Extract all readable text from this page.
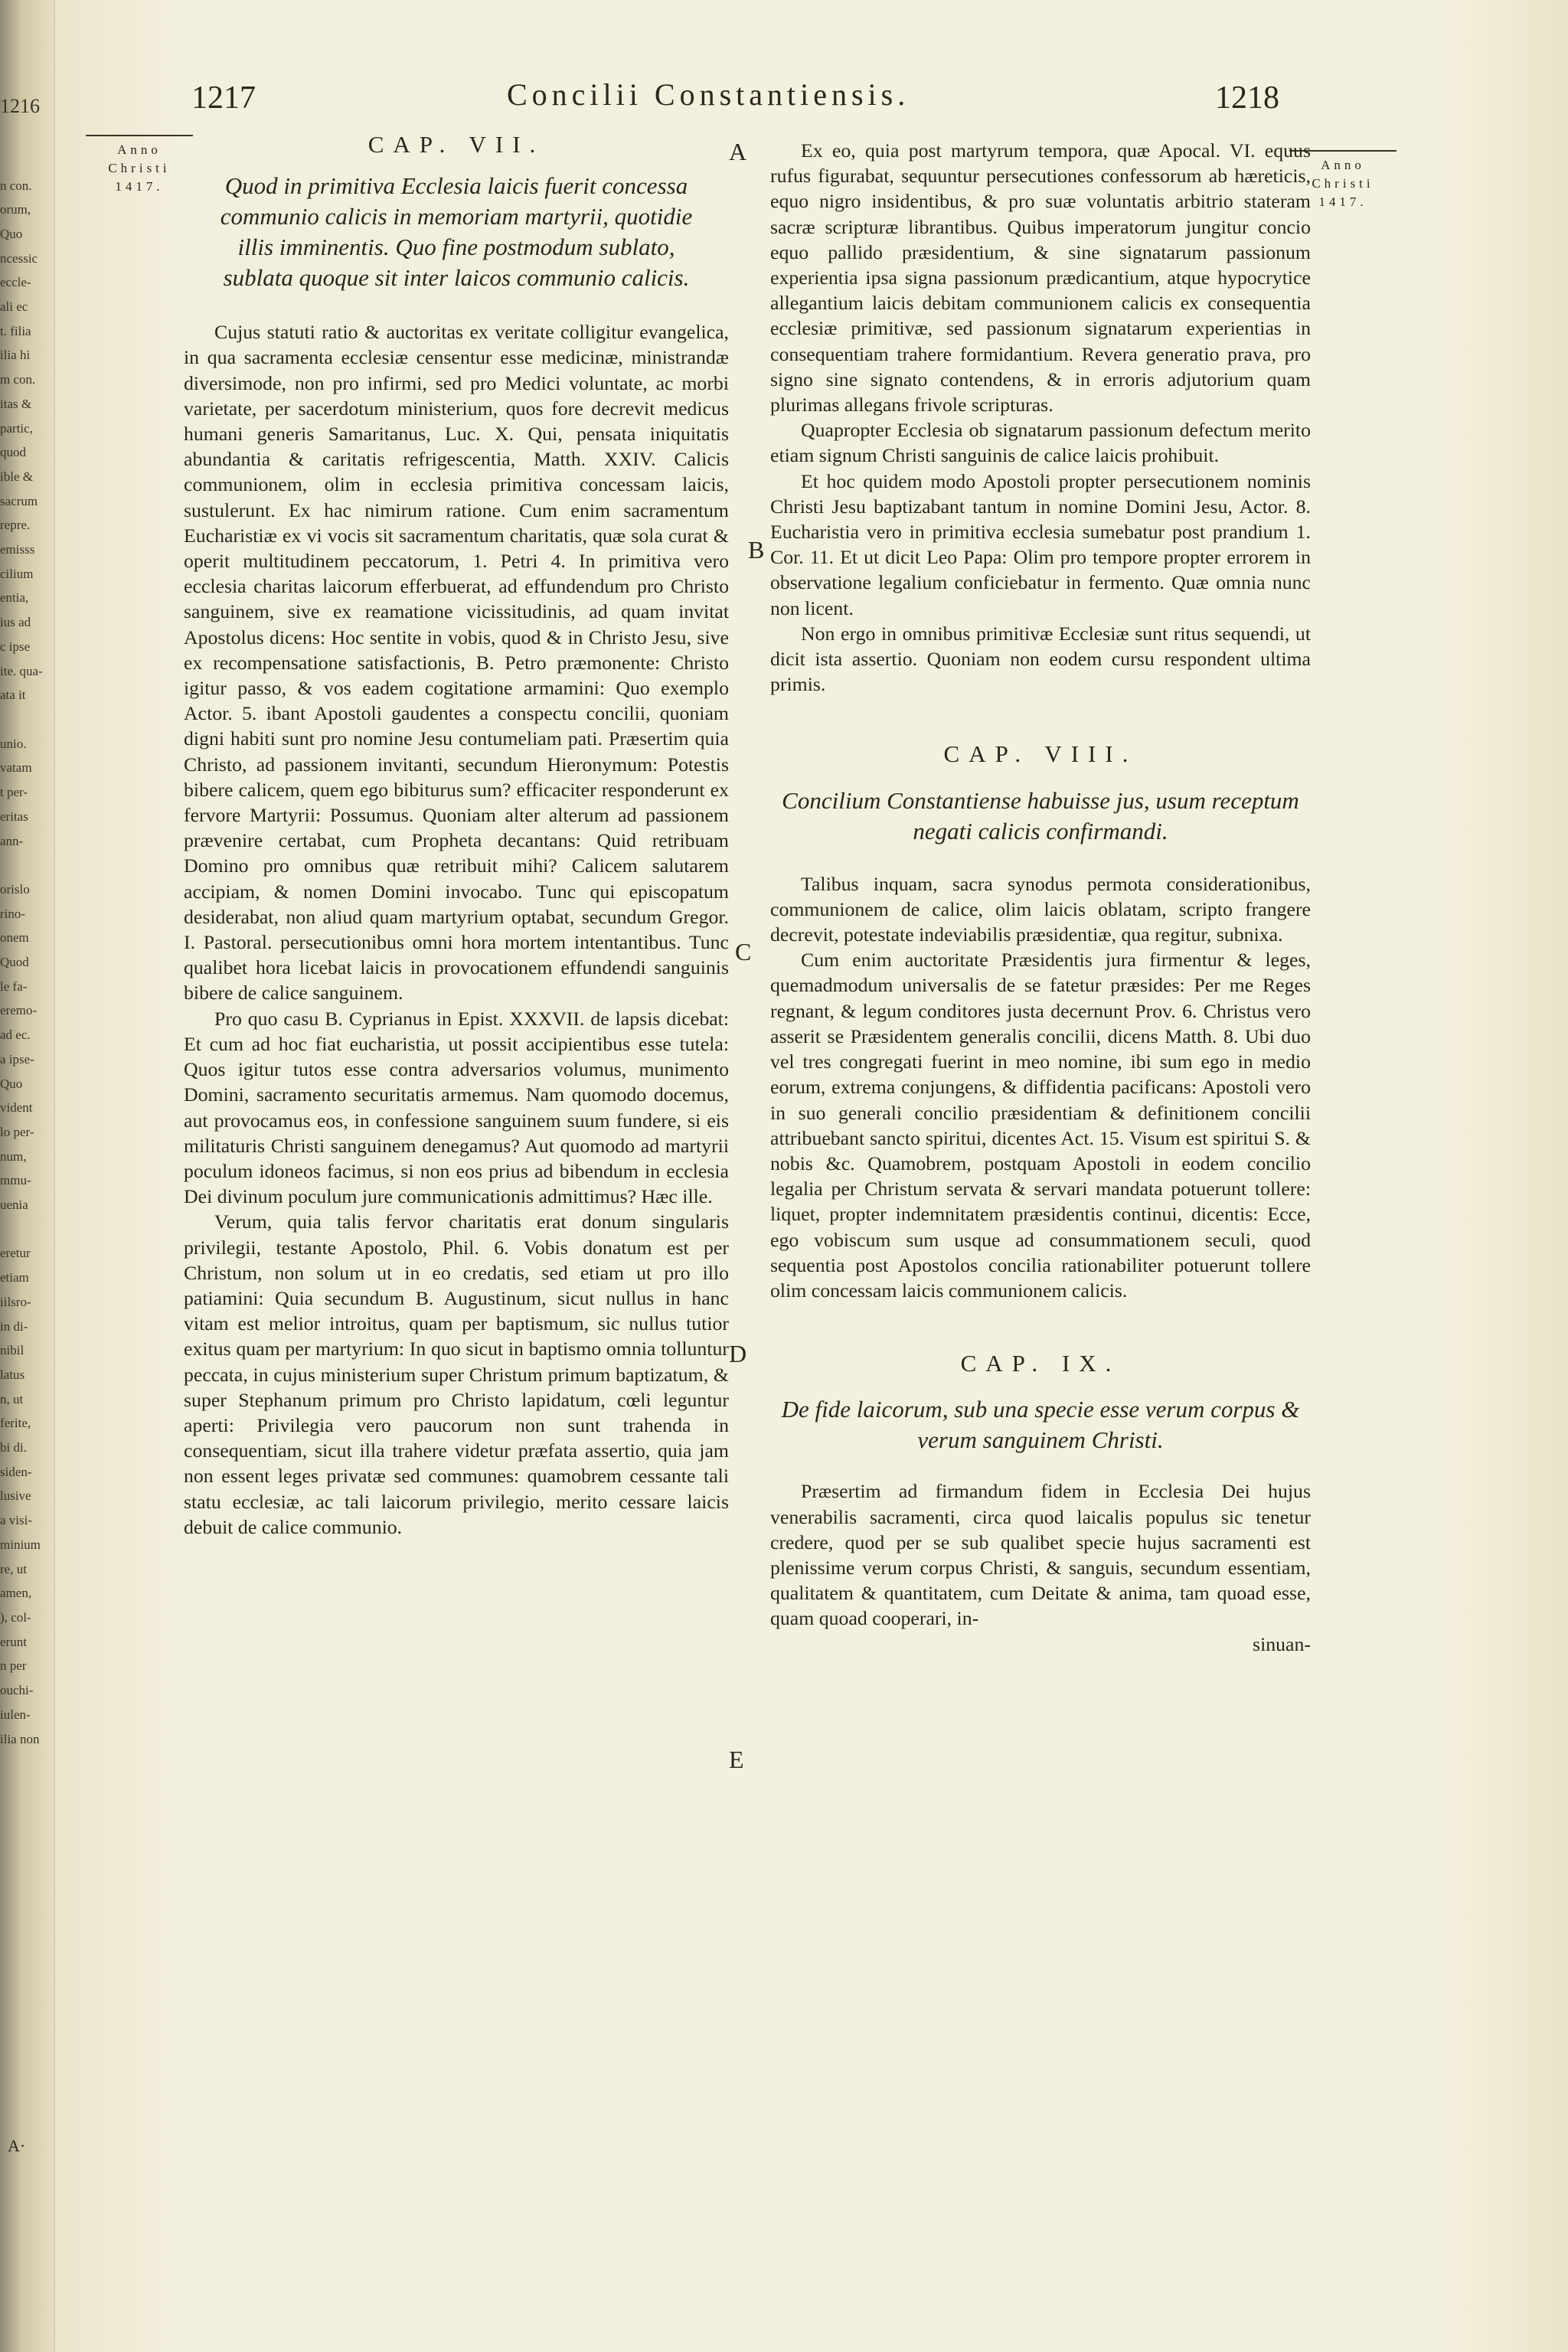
1216

n con.
orum,
Quo
ncessic
eccle-
ali ec
t. filia
ilia hi
m con.
itas &
partic,
quod
ible &
sacrum
repre.
emisss
cilium
entia,
ius ad
c ipse
ite. qua-
ata it

unio.
vatam
t per-
eritas
ann-

orislo
rino-
onem
Quod
le fa-
eremo-
ad ec.
a ipse-
Quo
vident
lo per-
num,
mmu-
uenia

eretur
etiam
iilsro-
in di-
nibil
latus
n, ut
ferite,
bi di.
siden-
lusive
a visi-
minium
re, ut
amen,
), col-
erunt
n per
ouchi-
iulen-
ilia non

A·
1217	Concilii Constantiensis.	1218
Anno
Christi
1417.
Anno
Christi
1417.
A
B
C
D
E

CAP. VII.

Quod in primitiva Ecclesia laicis fuerit concessa communio calicis in memoriam martyrii, quotidie illis imminentis. Quo fine postmodum sublato, sublata quoque sit inter laicos communio calicis.

Cujus statuti ratio & auctoritas ex veritate colligitur evangelica, in qua sacramenta ecclesiæ censentur esse medicinæ, ministrandæ diversimode, non pro infirmi, sed pro Medici voluntate, ac morbi varietate, per sacerdotum ministerium, quos fore decrevit medicus humani generis Samaritanus, Luc. X. Qui, pensata iniquitatis abundantia & caritatis refrigescentia, Matth. XXIV. Calicis communionem, olim in ecclesia primitiva concessam laicis, sustulerunt. Ex hac nimirum ratione. Cum enim sacramentum Eucharistiæ ex vi vocis sit sacramentum charitatis, quæ sola curat & operit multitudinem peccatorum, 1. Petri 4. In primitiva vero ecclesia charitas laicorum efferbuerat, ad effundendum pro Christo sanguinem, sive ex reamatione vicissitudinis, ad quam invitat Apostolus dicens: Hoc sentite in vobis, quod & in Christo Jesu, sive ex recompensatione satisfactionis, B. Petro præmonente: Christo igitur passo, & vos eadem cogitatione armamini: Quo exemplo Actor. 5. ibant Apostoli gaudentes a conspectu concilii, quoniam digni habiti sunt pro nomine Jesu contumeliam pati. Præsertim quia Christo, ad passionem invitanti, secundum Hieronymum: Potestis bibere calicem, quem ego bibiturus sum? efficaciter responderunt ex fervore Martyrii: Possumus. Quoniam alter alterum ad passionem prævenire certabat, cum Propheta decantans: Quid retribuam Domino pro omnibus quæ retribuit mihi? Calicem salutarem accipiam, & nomen Domini invocabo. Tunc qui episcopatum desiderabat, non aliud quam martyrium optabat, secundum Gregor. I. Pastoral. persecutionibus omni hora mortem intentantibus. Tunc qualibet hora licebat laicis in provocationem effundendi sanguinis bibere de calice sanguinem.

Pro quo casu B. Cyprianus in Epist. XXXVII. de lapsis dicebat: Et cum ad hoc fiat eucharistia, ut possit accipientibus esse tutela: Quos igitur tutos esse contra adversarios volumus, munimento Domini, sacramento securitatis armemus. Nam quomodo docemus, aut provocamus eos, in confessione sanguinem suum fundere, si eis militaturis Christi sanguinem denegamus? Aut quomodo ad martyrii poculum idoneos facimus, si non eos prius ad bibendum in ecclesia Dei divinum poculum jure communicationis admittimus? Hæc ille.

Verum, quia talis fervor charitatis erat donum singularis privilegii, testante Apostolo, Phil. 6. Vobis donatum est per Christum, non solum ut in eo credatis, sed etiam ut pro illo patiamini: Quia secundum B. Augustinum, sicut nullus in hanc vitam est melior introitus, quam per baptismum, sic nullus tutior exitus quam per martyrium: In quo sicut in baptismo omnia tolluntur peccata, in cujus ministerium super Christum primum baptizatum, & super Stephanum primum pro Christo lapidatum, cœli leguntur aperti: Privilegia vero paucorum non sunt trahenda in consequentiam, sicut illa trahere videtur præfata assertio, quia jam non essent leges privatæ sed communes: quamobrem cessante tali statu ecclesiæ, ac tali laicorum privilegio, merito cessare laicis debuit de calice communio.

Ex eo, quia post martyrum tempora, quæ Apocal. VI. equus rufus figurabat, sequuntur persecutiones confessorum ab hæreticis, equo nigro insidentibus, & pro suæ voluntatis arbitrio stateram sacræ scripturæ librantibus. Quibus imperatorum jungitur concio equo pallido præsidentium, & sine signatarum passionum experientia ipsa signa passionum prædicantium, atque hypocrytice allegantium laicis debitam communionem calicis ex consequentia ecclesiæ primitivæ, sed passionum signatarum experientias in consequentiam trahere formidantium. Revera generatio prava, pro signo sine signato contendens, & in erroris adjutorium quam plurimas allegans frivole scripturas.

Quapropter Ecclesia ob signatarum passionum defectum merito etiam signum Christi sanguinis de calice laicis prohibuit.

Et hoc quidem modo Apostoli propter persecutionem nominis Christi Jesu baptizabant tantum in nomine Domini Jesu, Actor. 8. Eucharistia vero in primitiva ecclesia sumebatur post prandium 1. Cor. 11. Et ut dicit Leo Papa: Olim pro tempore propter errorem in observatione legalium conficiebatur in fermento. Quæ omnia nunc non licent.

Non ergo in omnibus primitivæ Ecclesiæ sunt ritus sequendi, ut dicit ista assertio. Quoniam non eodem cursu respondent ultima primis.

CAP. VIII.

Concilium Constantiense habuisse jus, usum receptum negati calicis confirmandi.

Talibus inquam, sacra synodus permota considerationibus, communionem de calice, olim laicis oblatam, scripto frangere decrevit, potestate indeviabilis præsidentiæ, qua regitur, subnixa.

Cum enim auctoritate Præsidentis jura firmentur & leges, quemadmodum universalis de se fatetur præsides: Per me Reges regnant, & legum conditores justa decernunt Prov. 6. Christus vero asserit se Præsidentem generalis concilii, dicens Matth. 8. Ubi duo vel tres congregati fuerint in meo nomine, ibi sum ego in medio eorum, extrema conjungens, & diffidentia pacificans: Apostoli vero in suo generali concilio præsidentiam & definitionem concilii attribuebant sancto spiritui, dicentes Act. 15. Visum est spiritui S. & nobis &c. Quamobrem, postquam Apostoli in eodem concilio legalia per Christum servata & servari mandata potuerunt tollere: liquet, propter indemnitatem præsidentis continui, dicentis: Ecce, ego vobiscum sum usque ad consummationem seculi, quod sequentia post Apostolos concilia rationabiliter potuerunt tollere olim concessam laicis communionem calicis.

CAP. IX.

De fide laicorum, sub una specie esse verum corpus & verum sanguinem Christi.

Præsertim ad firmandum fidem in Ecclesia Dei hujus venerabilis sacramenti, circa quod laicalis populus sic tenetur credere, quod per se sub qualibet specie hujus sacramenti est plenissime verum corpus Christi, & sanguis, secundum essentiam, qualitatem & quantitatem, cum Deitate & anima, tam quoad esse, quam quoad cooperari, in-

sinuan-
